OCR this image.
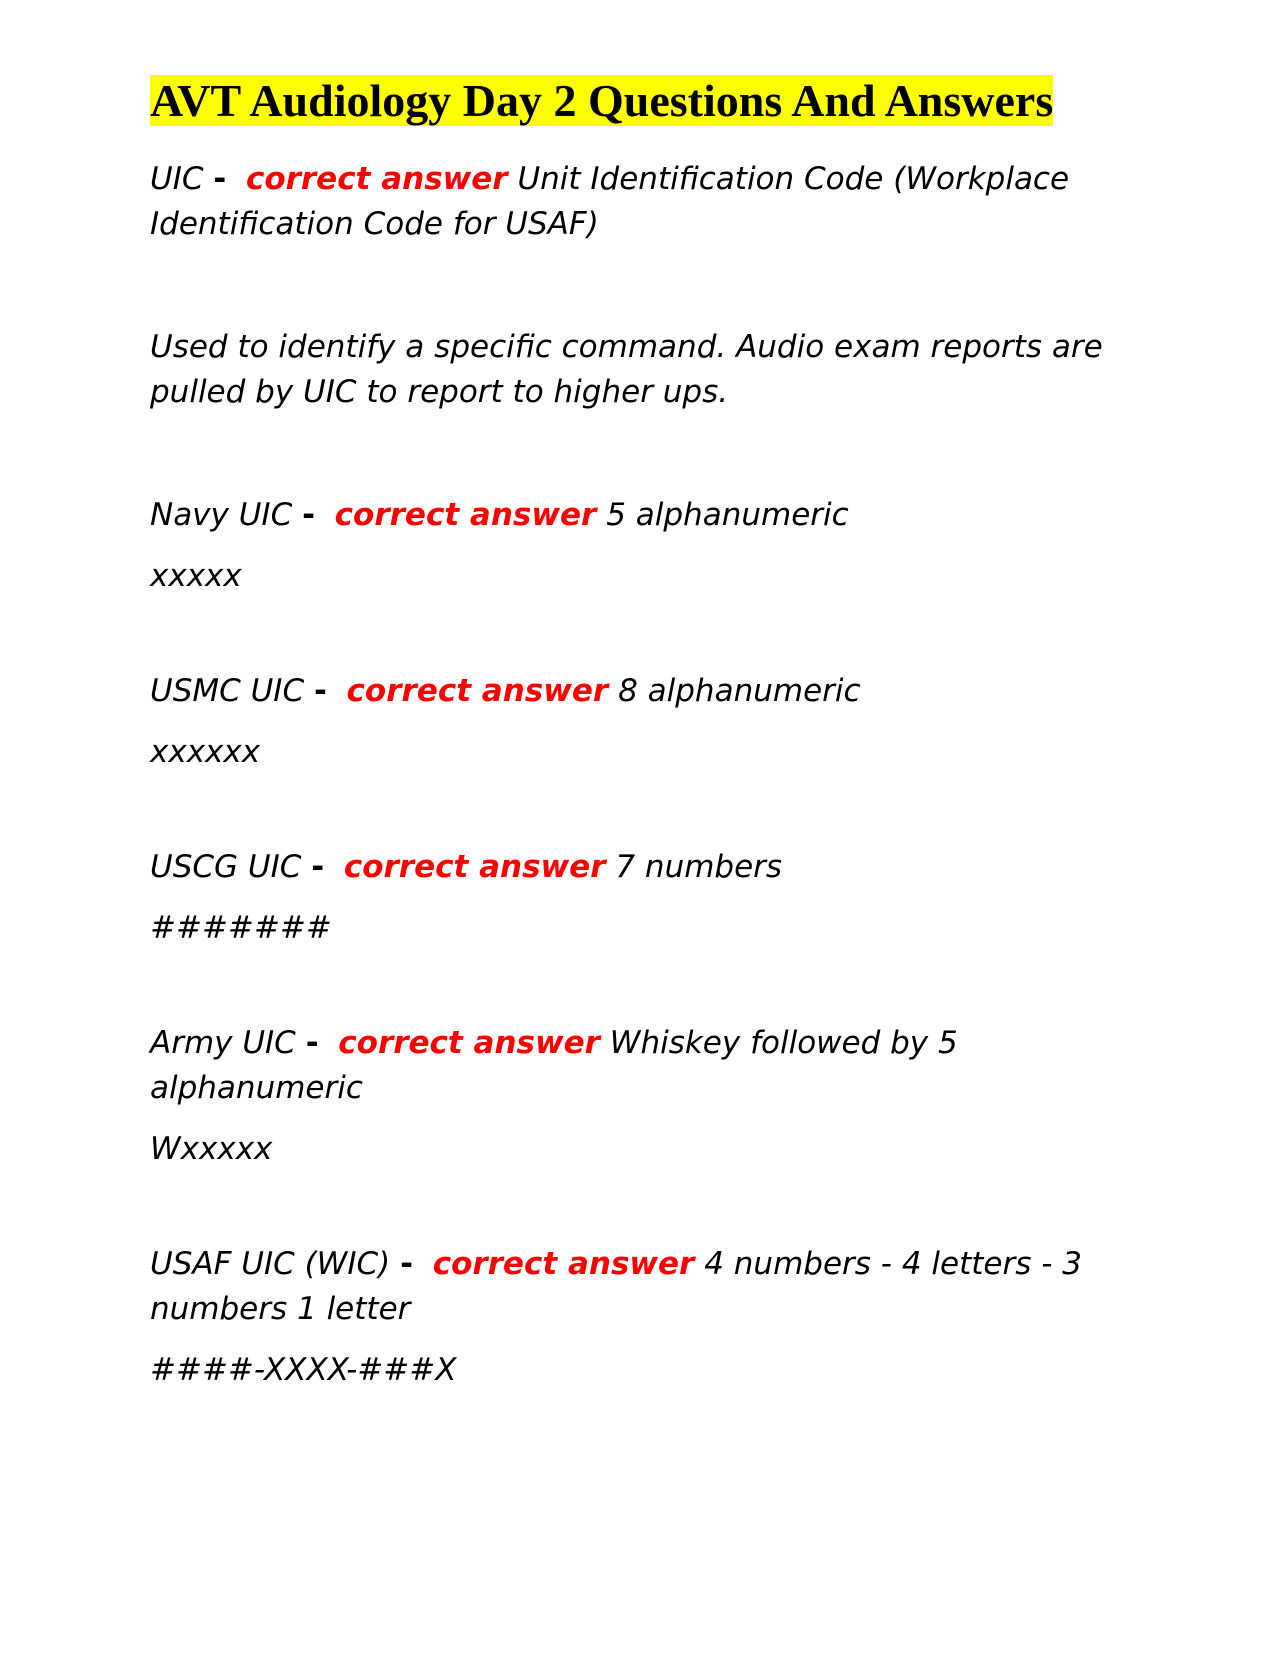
AVT Audiology Day 2 Questions And Answers

UIC - correct answer Unit Identification Code (Workplace Identification Code for USAF)

Used to identify a specific command. Audio exam reports are pulled by UIC to report to higher ups.

Navy UIC - correct answer 5 alphanumeric

xxxxx

USMC UIC - correct answer 8 alphanumeric

xxxxxx

USCG UIC - correct answer 7 numbers

#######

Army UIC - correct answer Whiskey followed by 5 alphanumeric

Wxxxxx

USAF UIC (WIC) - correct answer 4 numbers - 4 letters - 3 numbers 1 letter

####-XXXX-###X
